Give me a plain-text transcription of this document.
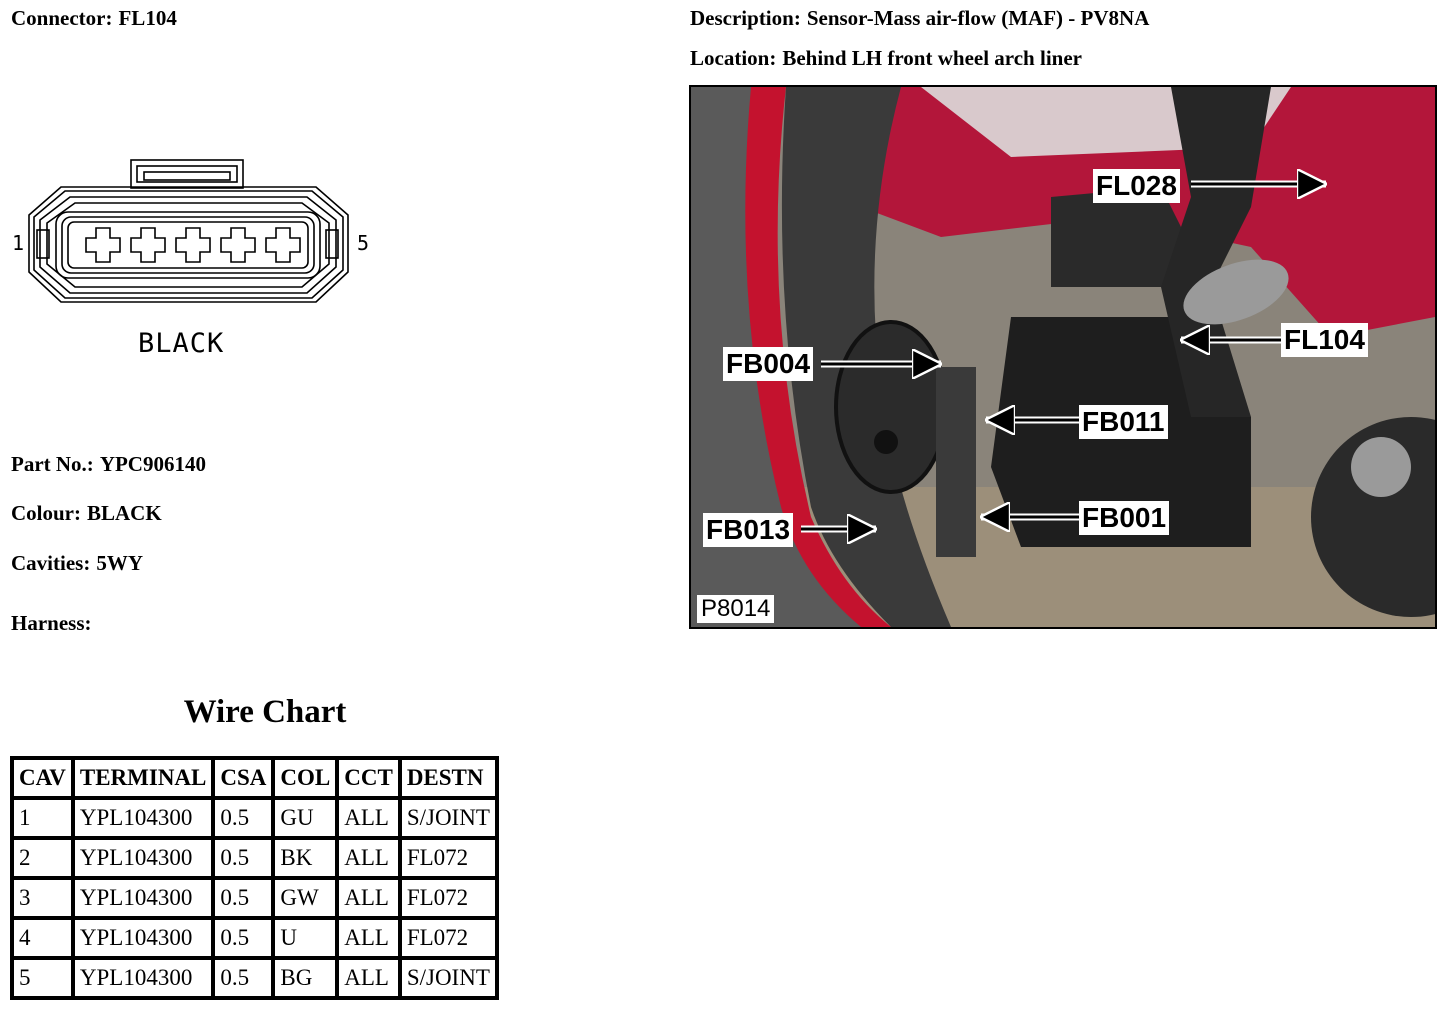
Connector: FL104	Description: Sensor-Mass air-flow (MAF) - PV8NA
Location: Behind LH front wheel arch liner
1	5
BLACK
Part No.: YPC906140
Colour: BLACK
Cavities: 5WY
Harness:
Wire Chart
CAV	TERMINAL	CSA	COL	CCT	DESTN
1	YPL104300	0.5	GU	ALL	S/JOINT
2	YPL104300	0.5	BK	ALL	FL072
3	YPL104300	0.5	GW	ALL	FL072
4	YPL104300	0.5	U	ALL	FL072
5	YPL104300	0.5	BG	ALL	S/JOINT
FL028
FL104
FB004
FB011
FB013	FB001
P8014
